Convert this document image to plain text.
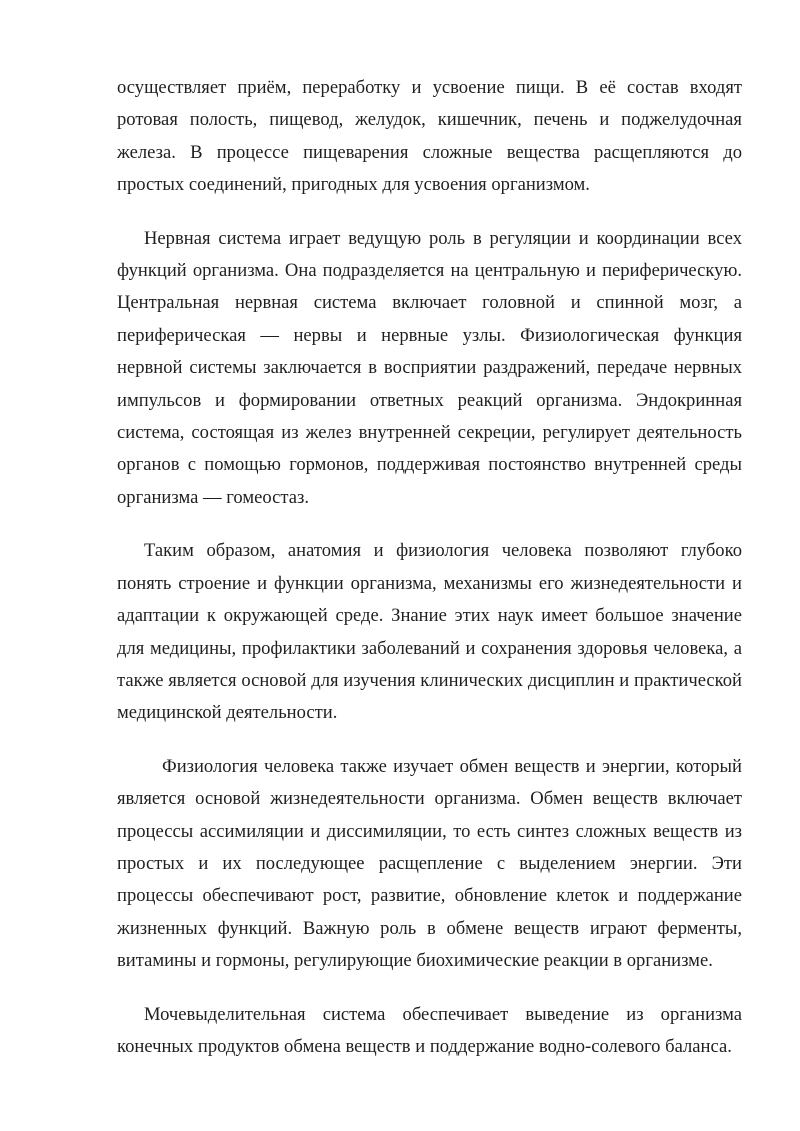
осуществляет приём, переработку и усвоение пищи. В её состав входят ротовая полость, пищевод, желудок, кишечник, печень и поджелудочная железа. В процессе пищеварения сложные вещества расщепляются до простых соединений, пригодных для усвоения организмом.

Нервная система играет ведущую роль в регуляции и координации всех функций организма. Она подразделяется на центральную и периферическую. Центральная нервная система включает головной и спинной мозг, а периферическая — нервы и нервные узлы. Физиологическая функция нервной системы заключается в восприятии раздражений, передаче нервных импульсов и формировании ответных реакций организма. Эндокринная система, состоящая из желез внутренней секреции, регулирует деятельность органов с помощью гормонов, поддерживая постоянство внутренней среды организма — гомеостаз.

Таким образом, анатомия и физиология человека позволяют глубоко понять строение и функции организма, механизмы его жизнедеятельности и адаптации к окружающей среде. Знание этих наук имеет большое значение для медицины, профилактики заболеваний и сохранения здоровья человека, а также является основой для изучения клинических дисциплин и практической медицинской деятельности.

Физиология человека также изучает обмен веществ и энергии, который является основой жизнедеятельности организма. Обмен веществ включает процессы ассимиляции и диссимиляции, то есть синтез сложных веществ из простых и их последующее расщепление с выделением энергии. Эти процессы обеспечивают рост, развитие, обновление клеток и поддержание жизненных функций. Важную роль в обмене веществ играют ферменты, витамины и гормоны, регулирующие биохимические реакции в организме.

Мочевыделительная система обеспечивает выведение из организма конечных продуктов обмена веществ и поддержание водно-солевого баланса.
